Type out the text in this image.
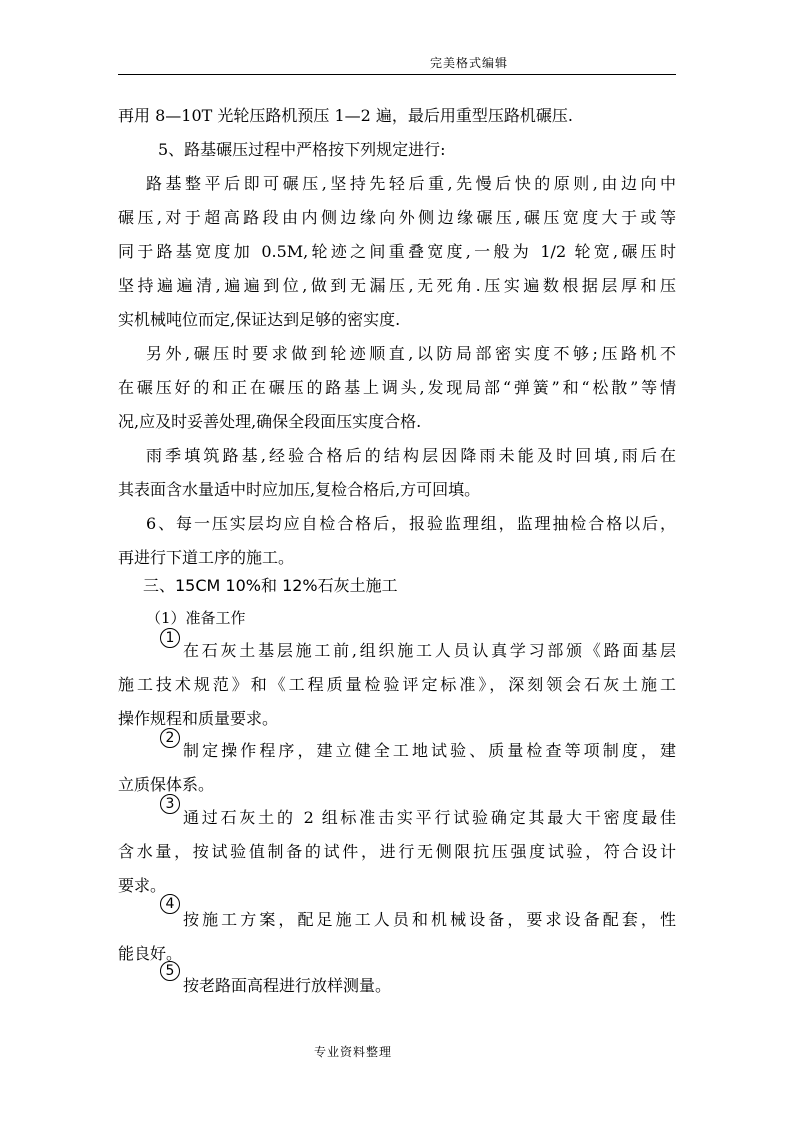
完美格式编辑
再用 8—10T 光轮压路机预压 1—2 遍，最后用重型压路机碾压.
5、路基碾压过程中严格按下列规定进行:
路基整平后即可碾压,坚持先轻后重,先慢后快的原则,由边向中
碾压,对于超高路段由内侧边缘向外侧边缘碾压,碾压宽度大于或等
同于路基宽度加 0.5M,轮迹之间重叠宽度,一般为 1/2 轮宽,碾压时
坚持遍遍清,遍遍到位,做到无漏压,无死角.压实遍数根据层厚和压
实机械吨位而定,保证达到足够的密实度.
另外,碾压时要求做到轮迹顺直,以防局部密实度不够;压路机不
在碾压好的和正在碾压的路基上调头,发现局部“弹簧”和“松散”等情
况,应及时妥善处理,确保全段面压实度合格.
雨季填筑路基,经验合格后的结构层因降雨未能及时回填,雨后在
其表面含水量适中时应加压,复检合格后,方可回填。
6、每一压实层均应自检合格后，报验监理组，监理抽检合格以后，
再进行下道工序的施工。
三、15CM 10%和 12%石灰土施工
（1）准备工作
1
在石灰土基层施工前,组织施工人员认真学习部颁《路面基层
施工技术规范》和《工程质量检验评定标准》，深刻领会石灰土施工
操作规程和质量要求。
2
制定操作程序，建立健全工地试验、质量检查等项制度，建
立质保体系。
3
通过石灰土的 2 组标准击实平行试验确定其最大干密度最佳
含水量，按试验值制备的试件，进行无侧限抗压强度试验，符合设计
要求。
4
按施工方案，配足施工人员和机械设备，要求设备配套，性
能良好。
5
按老路面高程进行放样测量。
专业资料整理
